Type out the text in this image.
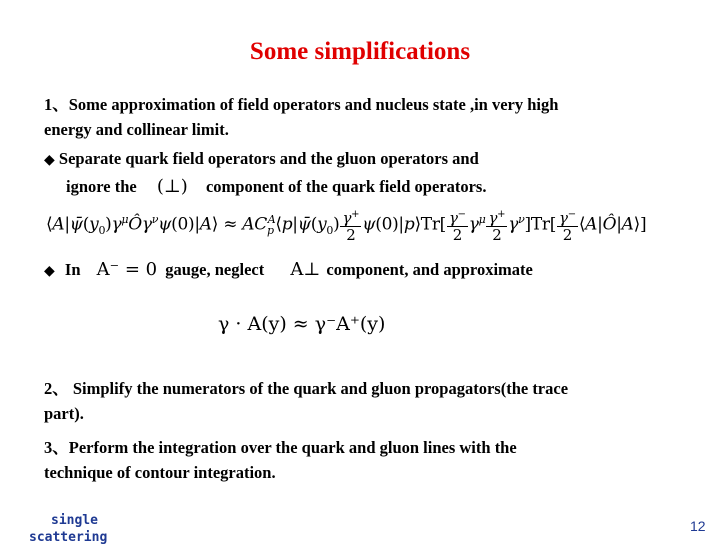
Some simplifications
1、Some approximation of field operators and nucleus state ,in very high
energy and collinear limit.
◆ Separate quark field operators and the gluon operators and
ignore the (⊥) component of the quark field operators.
$⟨A|\psī(y_0)\gamma^\mu Ô\gamma^\nu\psi(0)|A⟩$ ≈ $AC_p^A⟨p|\psī(y_0) \frac{\gamma^+}{2}$ ψ(0)|p⟩Tr[ $\frac{\gamma^-}{2} \gamma^\mu \frac{\gamma^+}{2} \gamma^\nu]Tr[ \frac{\gamma^-}{2}$ ⟨A|Ô|A⟩]
◆ In A⁻ = 0 gauge, neglect A⊥ component, and approximate
γ · A(y) ≈ γ⁻A⁺(y)
2、 Simplify the numerators of the quark and gluon propagators(the trace
part).
3、Perform the integration over the quark and gluon lines with the
technique of contour integration.
single
scattering
12
